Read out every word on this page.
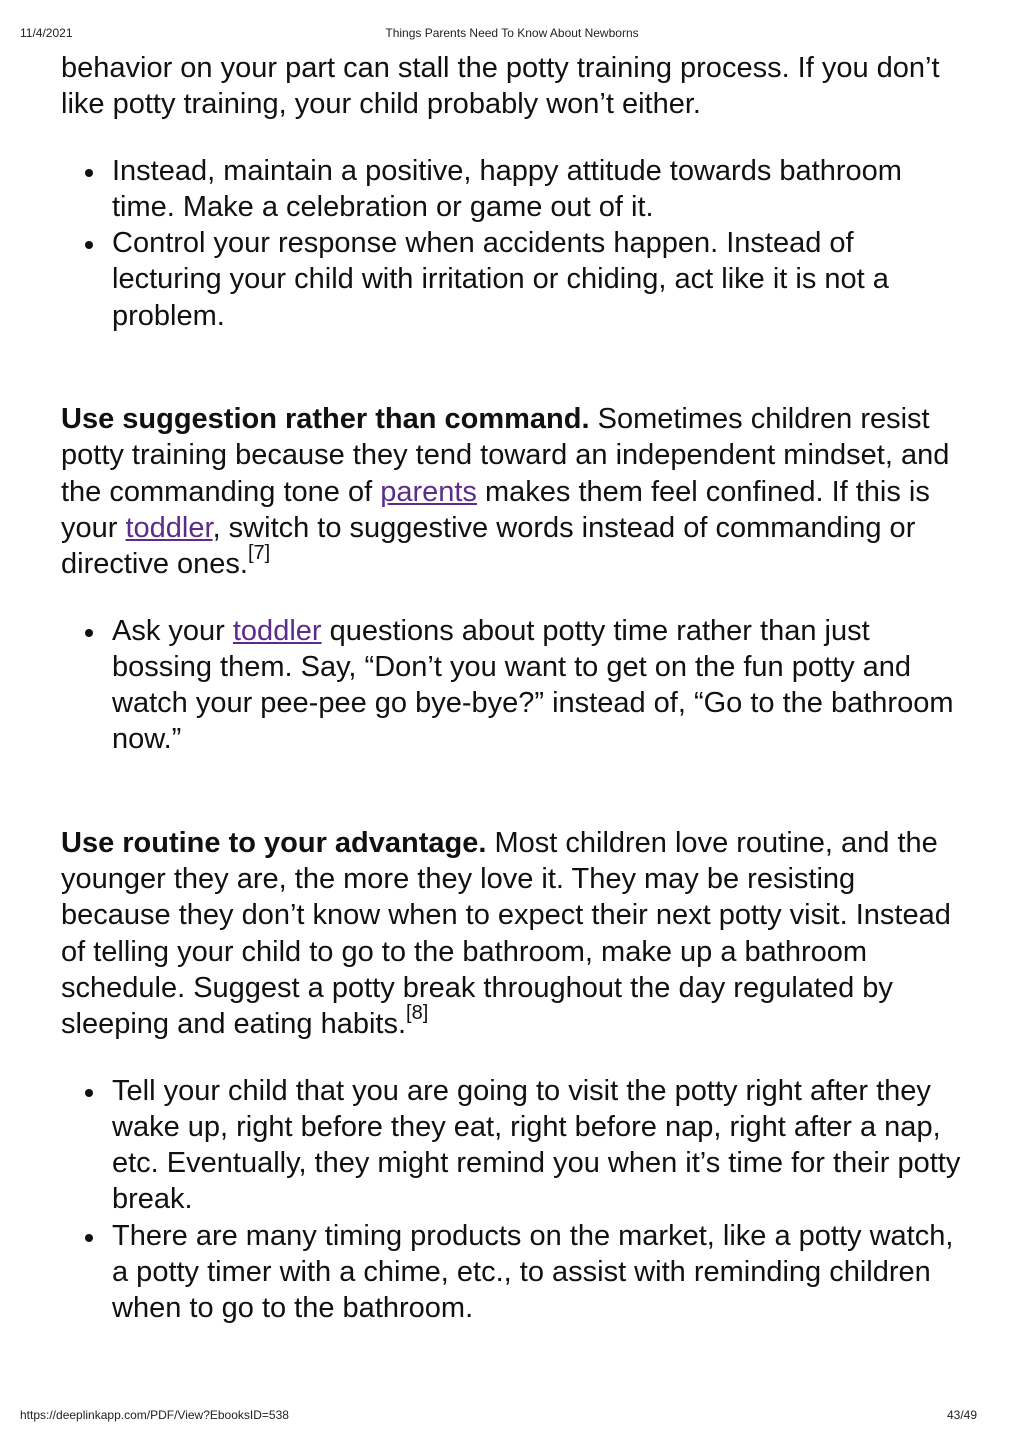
11/4/2021	Things Parents Need To Know About Newborns

behavior on your part can stall the potty training process. If you don’t like potty training, your child probably won’t either.

Instead, maintain a positive, happy attitude towards bathroom time. Make a celebration or game out of it.
Control your response when accidents happen. Instead of lecturing your child with irritation or chiding, act like it is not a problem.

Use suggestion rather than command. Sometimes children resist potty training because they tend toward an independent mindset, and the commanding tone of parents makes them feel confined. If this is your toddler, switch to suggestive words instead of commanding or directive ones.[7]

Ask your toddler questions about potty time rather than just bossing them. Say, “Don’t you want to get on the fun potty and watch your pee-pee go bye-bye?” instead of, “Go to the bathroom now.”

Use routine to your advantage. Most children love routine, and the younger they are, the more they love it. They may be resisting because they don’t know when to expect their next potty visit. Instead of telling your child to go to the bathroom, make up a bathroom schedule. Suggest a potty break throughout the day regulated by sleeping and eating habits.[8]

Tell your child that you are going to visit the potty right after they wake up, right before they eat, right before nap, right after a nap, etc. Eventually, they might remind you when it’s time for their potty break.
There are many timing products on the market, like a potty watch, a potty timer with a chime, etc., to assist with reminding children when to go to the bathroom.
https://deeplinkapp.com/PDF/View?EbooksID=538	43/49
